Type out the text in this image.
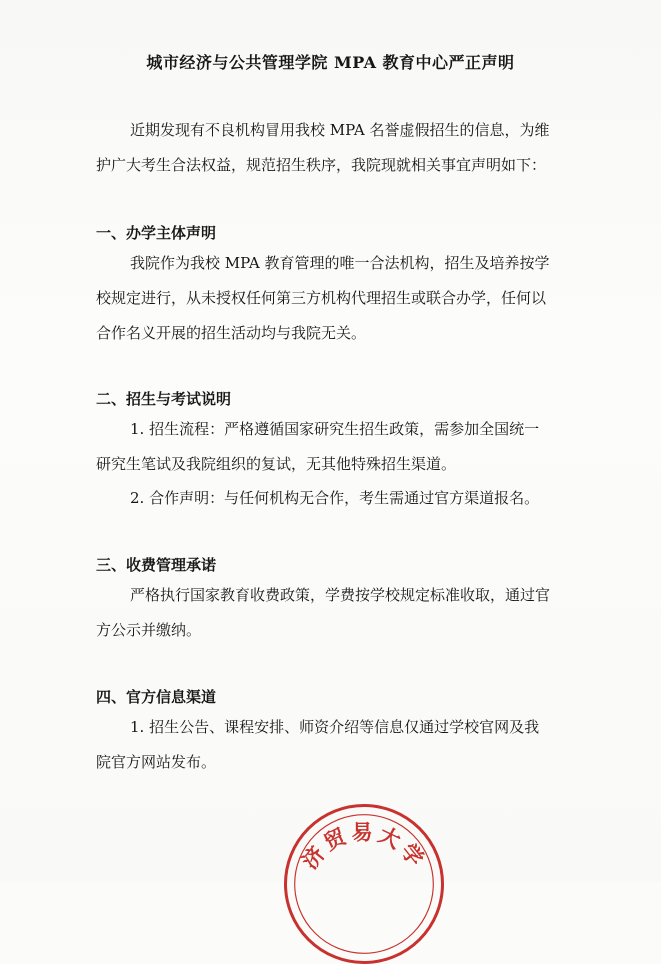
城市经济与公共管理学院 MPA 教育中心严正声明

近期发现有不良机构冒用我校 MPA 名誉虚假招生的信息，为维
护广大考生合法权益，规范招生秩序，我院现就相关事宜声明如下：

一、办学主体声明

我院作为我校 MPA 教育管理的唯一合法机构，招生及培养按学
校规定进行，从未授权任何第三方机构代理招生或联合办学，任何以
合作名义开展的招生活动均与我院无关。

二、招生与考试说明

1. 招生流程：严格遵循国家研究生招生政策，需参加全国统一
研究生笔试及我院组织的复试，无其他特殊招生渠道。

2. 合作声明：与任何机构无合作，考生需通过官方渠道报名。

三、收费管理承诺

严格执行国家教育收费政策，学费按学校规定标准收取，通过官
方公示并缴纳。

四、官方信息渠道

1. 招生公告、课程安排、师资介绍等信息仅通过学校官网及我
院官方网站发布。

济贸易大学
